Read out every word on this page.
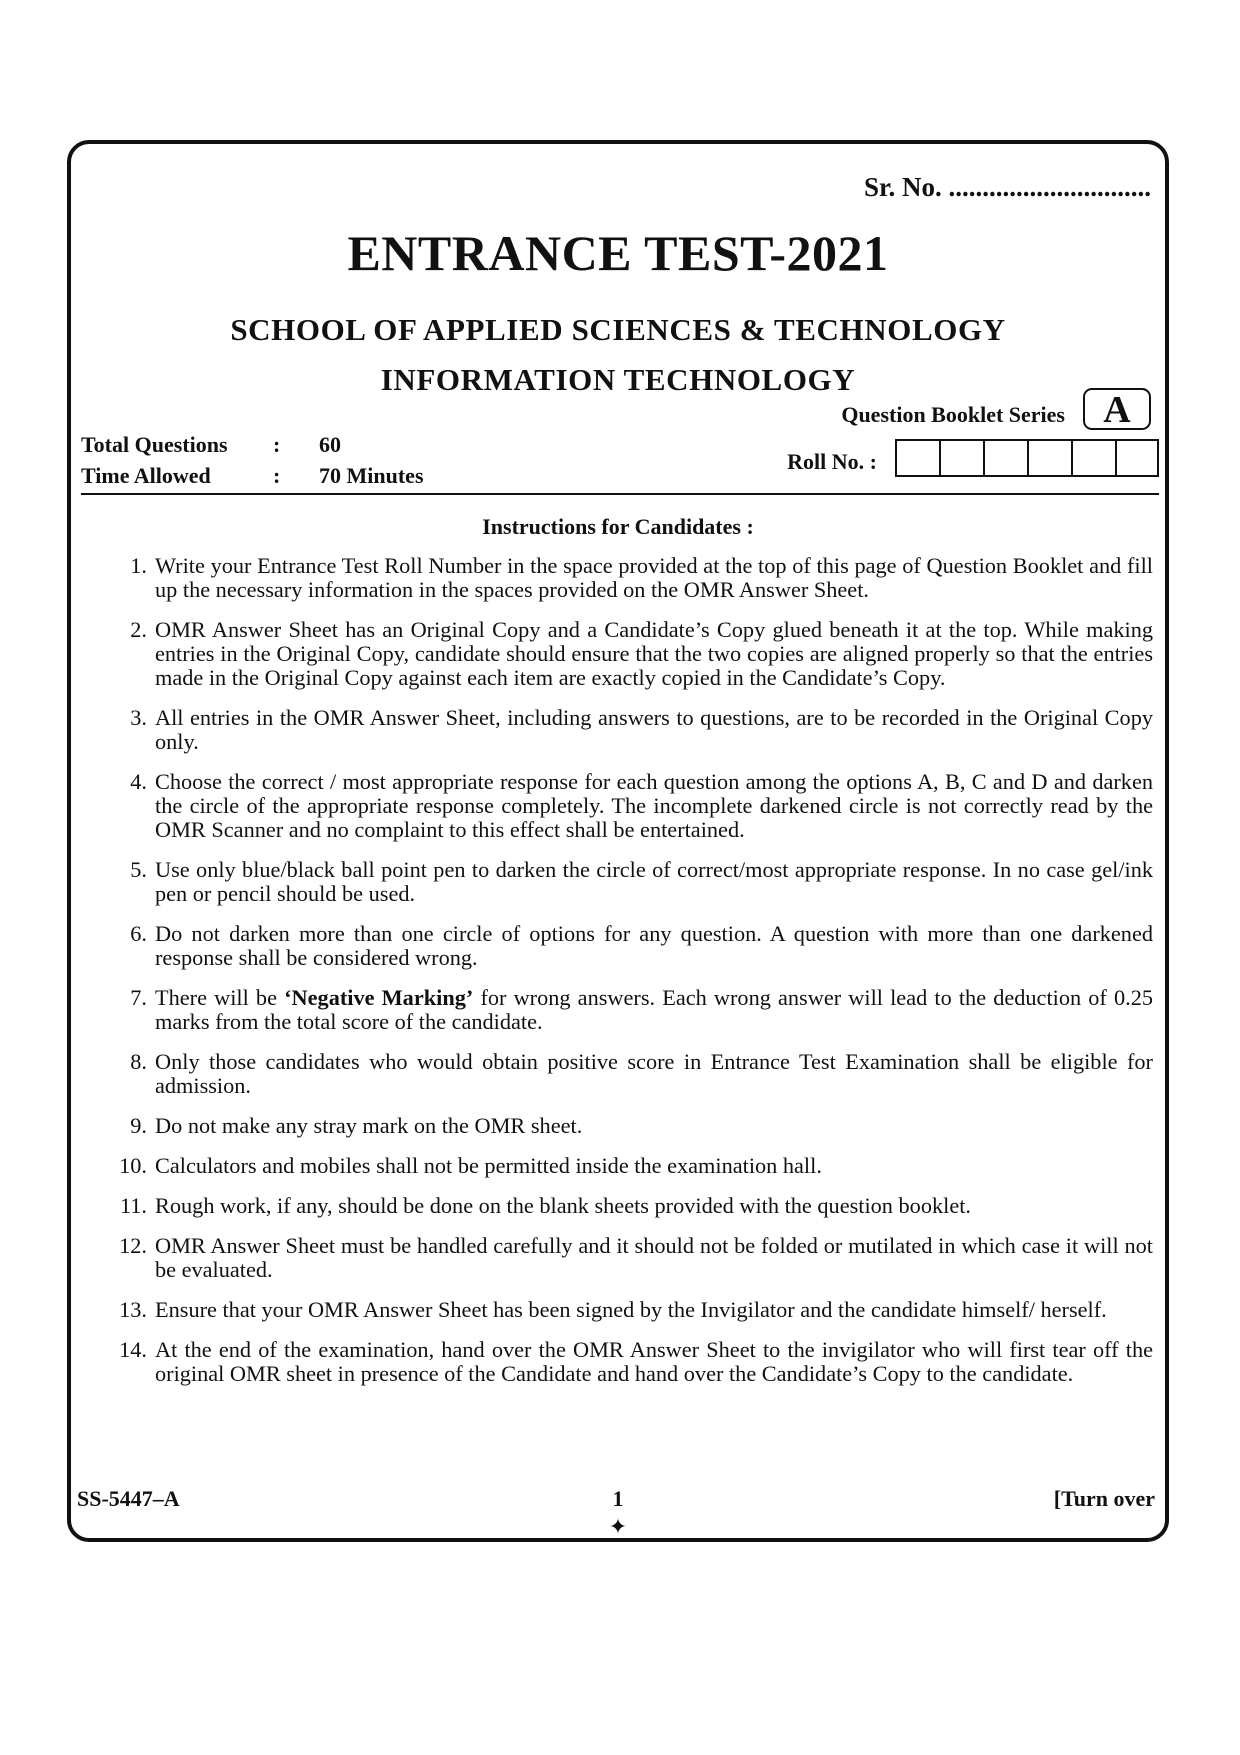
Sr. No. ..............................
ENTRANCE TEST-2021
SCHOOL OF APPLIED SCIENCES & TECHNOLOGY
INFORMATION TECHNOLOGY
Total Questions : 60
Time Allowed	: 70 Minutes
Question Booklet Series	A
Roll No. :
Instructions for Candidates :
1. Write your Entrance Test Roll Number in the space provided at the top of this page of Question Booklet and fill up the necessary information in the spaces provided on the OMR Answer Sheet.
2. OMR Answer Sheet has an Original Copy and a Candidate’s Copy glued beneath it at the top. While making entries in the Original Copy, candidate should ensure that the two copies are aligned properly so that the entries made in the Original Copy against each item are exactly copied in the Candidate’s Copy.
3. All entries in the OMR Answer Sheet, including answers to questions, are to be recorded in the Original Copy only.
4. Choose the correct / most appropriate response for each question among the options A, B, C and D and darken the circle of the appropriate response completely. The incomplete darkened circle is not correctly read by the OMR Scanner and no complaint to this effect shall be entertained.
5. Use only blue/black ball point pen to darken the circle of correct/most appropriate response. In no case gel/ink pen or pencil should be used.
6. Do not darken more than one circle of options for any question. A question with more than one darkened response shall be considered wrong.
7. There will be ‘Negative Marking’ for wrong answers. Each wrong answer will lead to the deduction of 0.25 marks from the total score of the candidate.
8. Only those candidates who would obtain positive score in Entrance Test Examination shall be eligible for admission.
9. Do not make any stray mark on the OMR sheet.
10. Calculators and mobiles shall not be permitted inside the examination hall.
11. Rough work, if any, should be done on the blank sheets provided with the question booklet.
12. OMR Answer Sheet must be handled carefully and it should not be folded or mutilated in which case it will not be evaluated.
13. Ensure that your OMR Answer Sheet has been signed by the Invigilator and the candidate himself/ herself.
14. At the end of the examination, hand over the OMR Answer Sheet to the invigilator who will first tear off the original OMR sheet in presence of the Candidate and hand over the Candidate’s Copy to the candidate.
SS-5447–A	1	[Turn over
✦
